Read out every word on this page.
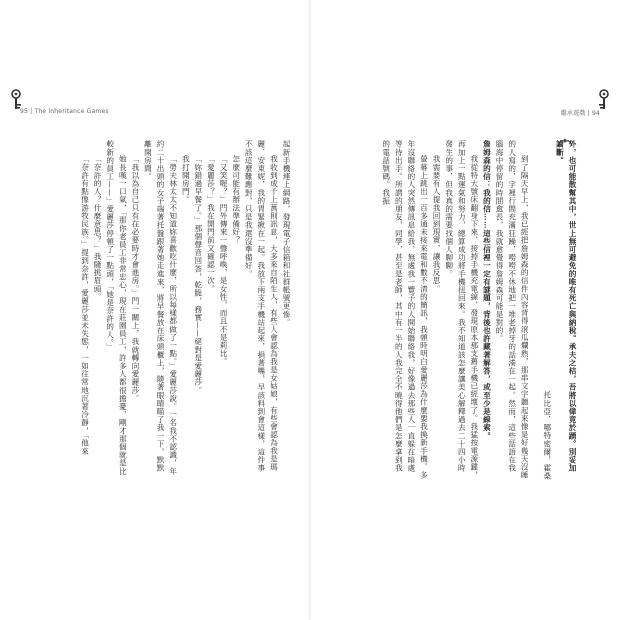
95 | The Inheritance Games	繼承遊戲 | 94

外，也可能散幫其中，世上無可避免的唯有死亡與納稅。承夫之桔，吾將以偉竟於踴。別妥加論斷。

托比亞．哪特密爾，霍桑

到了隔天早上，我已經把詹姆森的信件內容背得滾瓜爛熟，那串文字聽起來像是好幾天沒睡的人寫的，字裡行間充滿狂躁，嘮嘮不休地把一堆老掉牙的話湊在一起。然而，這些話語在我腦海中停留的時間愈長，我就愈覺得詹姆森可能是對的。

詹姆森的信：我的信……這些信裡一定有謎題，背後也許藏著解答，或至少是線索。

我從特大號床翻身下來，接掉手機充電線，發現原本那支舊手機已經壞了。我猛按電源鍵，再加上一點運氣和努力，總算成功將手機扭回來。我不知道該怎麼讓美心解釋過去二十四小時發生的事，但我真的需要找個人聊聊。

我需要有人提我回到現實，讓我反思。

螢幕上跳出一百多通未接來電和數不清的簡訊，我頓時明白愛麗莎為什麼要我換新手機。多年沒聯絡的人突然傳訊息給我，無處我一覽子的人開始聯絡我，好像過去那些人一直躲在暗處等待出手。所謂的朋友，同學，甚至是老師，其中有一半的人我完全不曉得他們是怎麼拿到我的電話號碼。我振

起新手機連上網路，發現電子信箱和社群帳號更慘。

我收到成千上萬則訊息，大多來自陌生人，有些人會認為我是女姑娘，有些會認為我是瑪麗．安東妮，我的胃緊揪在一起。我放下兩支手機站起來，捐著嘴，早該料到會這樣，這件事不該這麼難應對，只是我還沒準備好。

怎麼可能有辦法準備好？

「又笑喔？」門外傳來一聲呼喚，是女性，而且不是莉比。

「愛麗莎？」我在開門前又確認一次。

「妳錯過早餐了。」那個聲音回答，乾脆，務實——絕對是愛麗莎。

我打開房門。

「勞夫林太太不知道妳喜歡吃什麼，所以每樣都做了一點。」愛麗莎說。一名我不認識，年約二十出頭的女子端著托盤跟著她走進來，將早餐放在床頭櫃上，隨著眼睛瞄了我一下，默默離開房間。

「我以為自己只有在必要時才會進房。」門一關上，我就轉向愛麗莎。

她長嘆一口氣，「那你老員工非常忠心，現在莊園員工，許多人都很擔憂，剛才那個就是比較新的員工——」愛麗莎停頓了一點頭，「她是奈許的人。」

「奈許的人？什麼意思？」我隨挑眉頭。

「奈許有點像游牧民族。」提到奈許，愛麗莎並未失態，一如往常地沉著冷靜，「他來
